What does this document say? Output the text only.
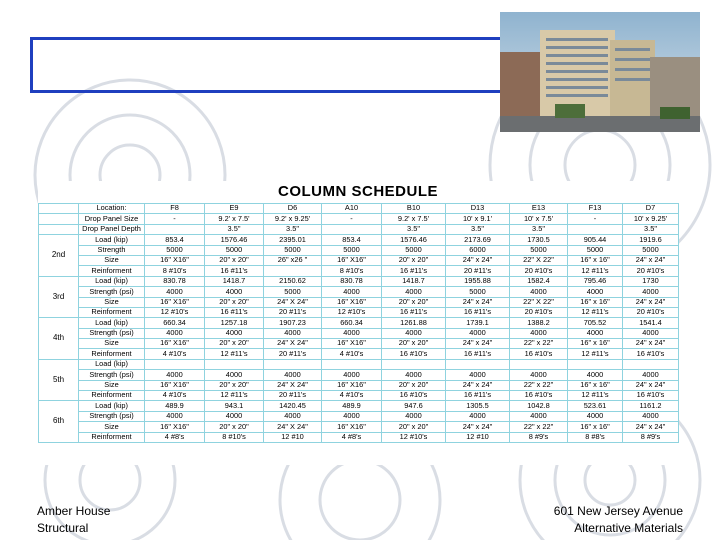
COLUMN SCHEDULE
	Location:	F8	E9	D6	A10	B10	D13	E13	F13	D7
	Drop Panel Size	-	9.2' x 7.5'	9.2' x 9.25'	-	9.2' x 7.5'	10' x 9.1'	10' x 7.5'	-	10' x 9.25'
	Drop Panel Depth		3.5"	3.5"		3.5"	3.5"	3.5"		3.5"
2nd	Load (kip)	853.4	1576.46	2395.01	853.4	1576.46	2173.69	1730.5	905.44	1919.6
	Strength	5000	5000	5000	5000	5000	6000	5000	5000	5000
	Size	16" X16"	20" x 20"	26" x26 "	16" X16"	20" x 20"	24" x 24"	22" X 22"	16" x 16"	24" x 24"
	Reinforment	8 #10's	16 #11's		8 #10's	16 #11's	20 #11's	20 #10's	12 #11's	20 #10's
3rd	Load (kip)	830.78	1418.7	2150.62	830.78	1418.7	1955.88	1582.4	795.46	1730
	Strength (psi)	4000	4000	5000	4000	4000	5000	4000	4000	4000
	Size	16" X16"	20" x 20"	24" X 24"	16" X16"	20" x 20"	24" x 24"	22" X 22"	16" x 16"	24" x 24"
	Reinforment	12 #10's	16 #11's	20 #11's	12 #10's	16 #11's	16 #11's	20 #10's	12 #11's	20 #10's
4th	Load (kip)	660.34	1257.18	1907.23	660.34	1261.88	1739.1	1388.2	705.52	1541.4
	Strength (psi)	4000	4000	4000	4000	4000	4000	4000	4000	4000
	Size	16" X16"	20" x 20"	24" X 24"	16" X16"	20" x 20"	24" x 24"	22" x 22"	16" x 16"	24" x 24"
	Reinforment	4 #10's	12 #11's	20 #11's	4 #10's	16 #10's	16 #11's	16 #10's	12 #11's	16 #10's
5th	Load (kip)									
	Strength (psi)	4000	4000	4000	4000	4000	4000	4000	4000	4000
	Size	16" X16"	20" x 20"	24" X 24"	16" X16"	20" x 20"	24" x 24"	22" x 22"	16" x 16"	24" x 24"
	Reinforment	4 #10's	12 #11's	20 #11's	4 #10's	16 #10's	16 #11's	16 #10's	12 #11's	16 #10's
6th	Load (kip)	489.9	943.1	1420.45	489.9	947.6	1305.5	1042.8	523.61	1161.2
	Strength (psi)	4000	4000	4000	4000	4000	4000	4000	4000	4000
	Size	16" X16"	20" x 20"	24" X 24"	16" X16"	20" x 20"	24" x 24"	22" x 22"	16" x 16"	24" x 24"
	Reinforment	4 #8's	8 #10's	12 #10	4 #8's	12 #10's	12 #10	8 #9's	8 #8's	8 #9's
Amber House
Structural
601 New Jersey Avenue
Alternative Materials
